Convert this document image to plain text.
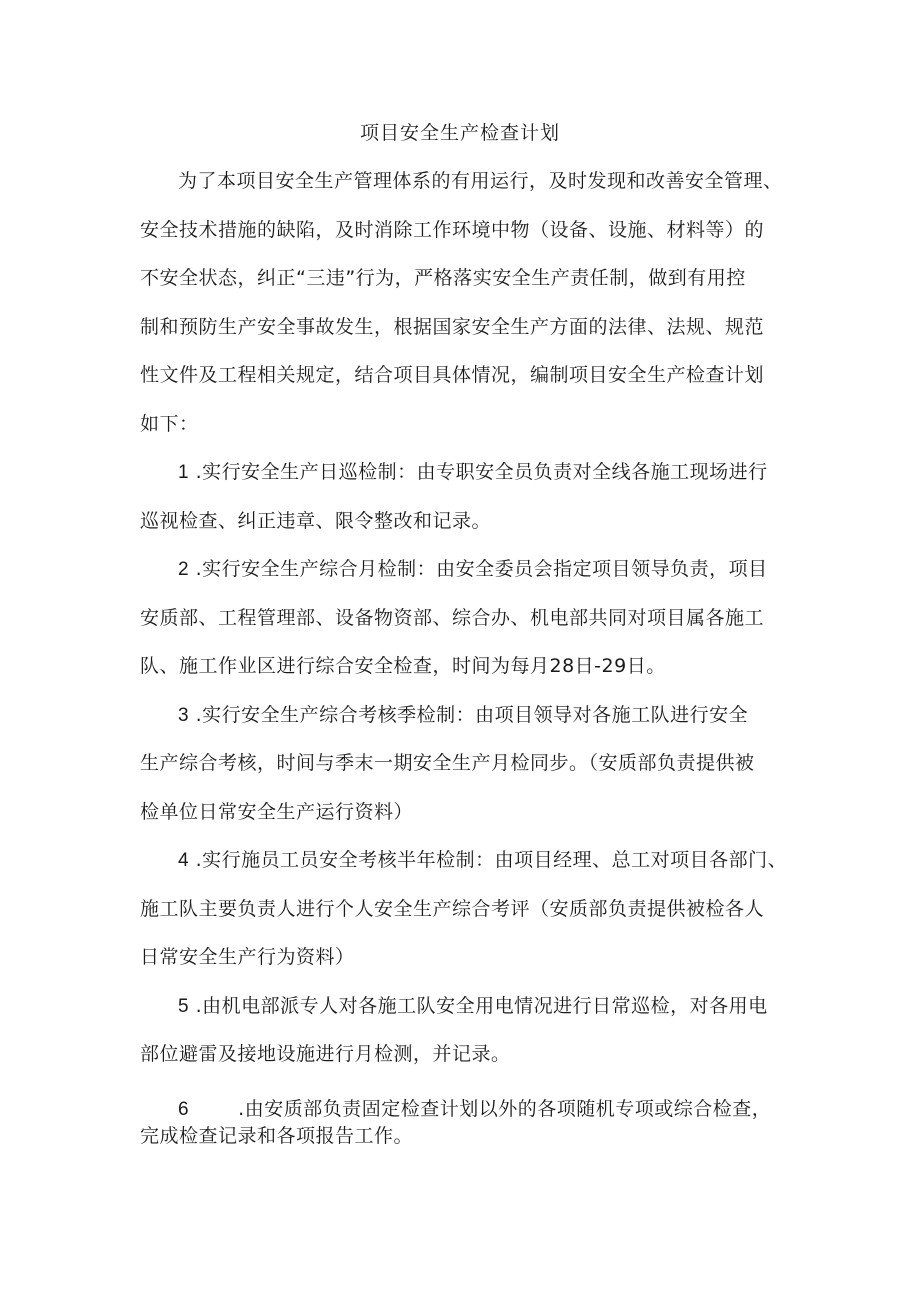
项目安全生产检查计划
为了本项目安全生产管理体系的有用运行，及时发现和改善安全管理、
安全技术措施的缺陷，及时消除工作环境中物（设备、设施、材料等）的
不安全状态，纠正“三违”行为，严格落实安全生产责任制，做到有用控
制和预防生产安全事故发生，根据国家安全生产方面的法律、法规、规范
性文件及工程相关规定，结合项目具体情况，编制项目安全生产检查计划
如下：
1 .实行安全生产日巡检制：由专职安全员负责对全线各施工现场进行
巡视检查、纠正违章、限令整改和记录。
2 .实行安全生产综合月检制：由安全委员会指定项目领导负责，项目
安质部、工程管理部、设备物资部、综合办、机电部共同对项目属各施工
队、施工作业区进行综合安全检查，时间为每月28日-29日。
3 .实行安全生产综合考核季检制：由项目领导对各施工队进行安全
生产综合考核，时间与季末一期安全生产月检同步。（安质部负责提供被
检单位日常安全生产运行资料）
4 .实行施员工员安全考核半年检制：由项目经理、总工对项目各部门、
施工队主要负责人进行个人安全生产综合考评（安质部负责提供被检各人
日常安全生产行为资料）
5 .由机电部派专人对各施工队安全用电情况进行日常巡检，对各用电
部位避雷及接地设施进行月检测，并记录。
6	.由安质部负责固定检查计划以外的各项随机专项或综合检查，
完成检查记录和各项报告工作。
